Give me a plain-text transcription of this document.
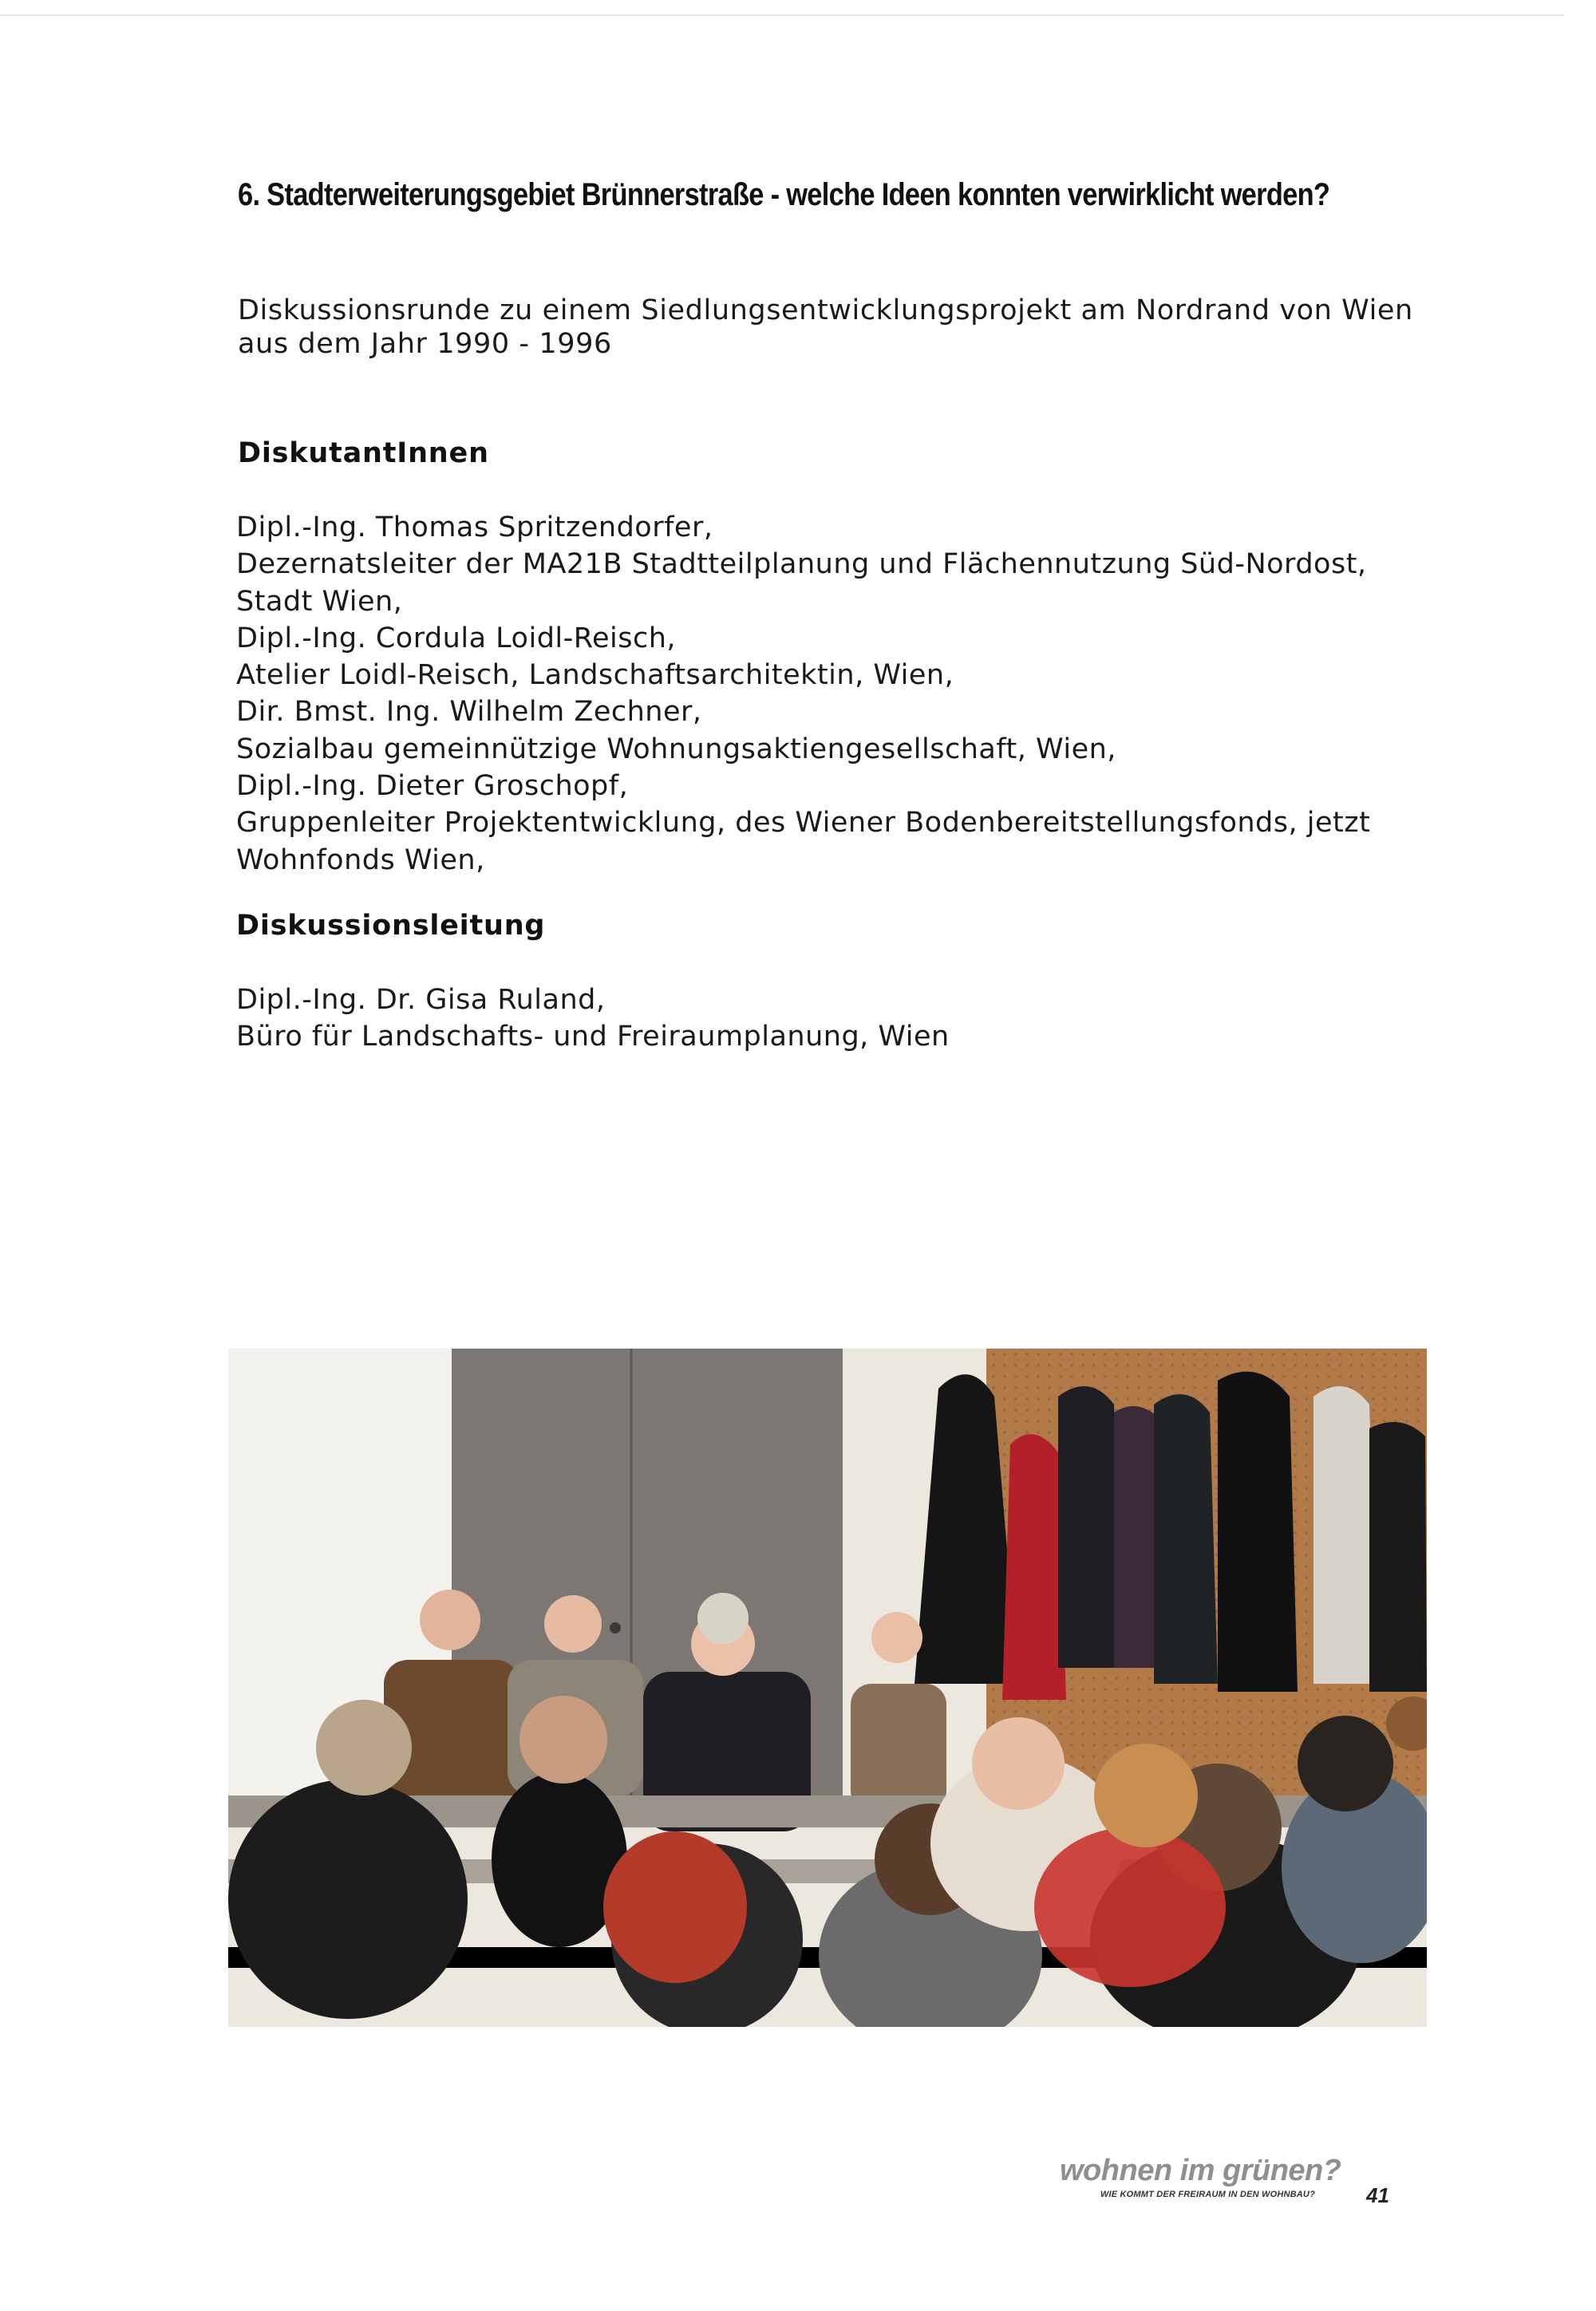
6. Stadterweiterungsgebiet Brünnerstraße - welche Ideen konnten verwirklicht werden?
Diskussionsrunde zu einem Siedlungsentwicklungsprojekt am Nordrand von Wien
aus dem Jahr 1990 - 1996
DiskutantInnen
Dipl.-Ing. Thomas Spritzendorfer,
Dezernatsleiter der MA21B Stadtteilplanung und Flächennutzung Süd-Nordost,
Stadt Wien,
Dipl.-Ing. Cordula Loidl-Reisch,
Atelier Loidl-Reisch, Landschaftsarchitektin, Wien,
Dir. Bmst. Ing. Wilhelm Zechner,
Sozialbau gemeinnützige Wohnungsaktiengesellschaft, Wien,
Dipl.-Ing. Dieter Groschopf,
Gruppenleiter Projektentwicklung, des Wiener Bodenbereitstellungsfonds, jetzt
Wohnfonds Wien,
Diskussionsleitung
Dipl.-Ing. Dr. Gisa Ruland,
Büro für Landschafts- und Freiraumplanung, Wien
wohnen im grünen?
WIE KOMMT DER FREIRAUM IN DEN WOHNBAU? 41
